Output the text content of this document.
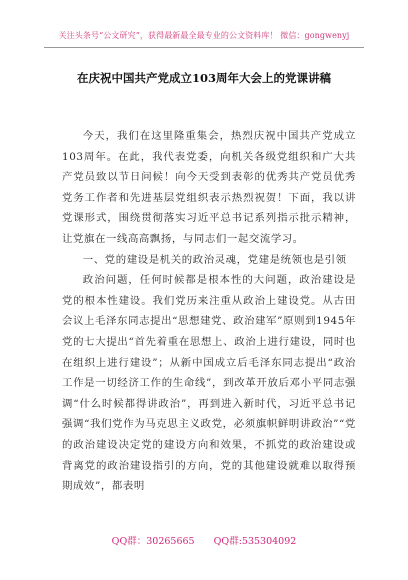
关注头条号“公文研究”，获得最新最全最专业的公文资料库！ 微信：gongwenyj
在庆祝中国共产党成立103周年大会上的党课讲稿

今天，我们在这里隆重集会，热烈庆祝中国共产党成立103周年。在此，我代表党委，向机关各级党组织和广大共产党员致以节日问候！向今天受到表彰的优秀共产党员优秀党务工作者和先进基层党组织表示热烈祝贺！下面，我以讲党课形式，围绕贯彻落实习近平总书记系列指示批示精神，让党旗在一线高高飘扬，与同志们一起交流学习。

一、党的建设是机关的政治灵魂，党建是统领也是引领

政治问题，任何时候都是根本性的大问题，政治建设是党的根本性建设。我们党历来注重从政治上建设党。从古田会议上毛泽东同志提出“思想建党、政治建军”原则到1945年党的七大提出“首先着重在思想上、政治上进行建设，同时也在组织上进行建设”；从新中国成立后毛泽东同志提出“政治工作是一切经济工作的生命线”，到改革开放后邓小平同志强调“什么时候都得讲政治”，再到进入新时代，习近平总书记强调“我们党作为马克思主义政党，必须旗帜鲜明讲政治”“党的政治建设决定党的建设方向和效果，不抓党的政治建设或背离党的政治建设指引的方向，党的其他建设就难以取得预期成效”，都表明

QQ群：30265665 QQ群:535304092
